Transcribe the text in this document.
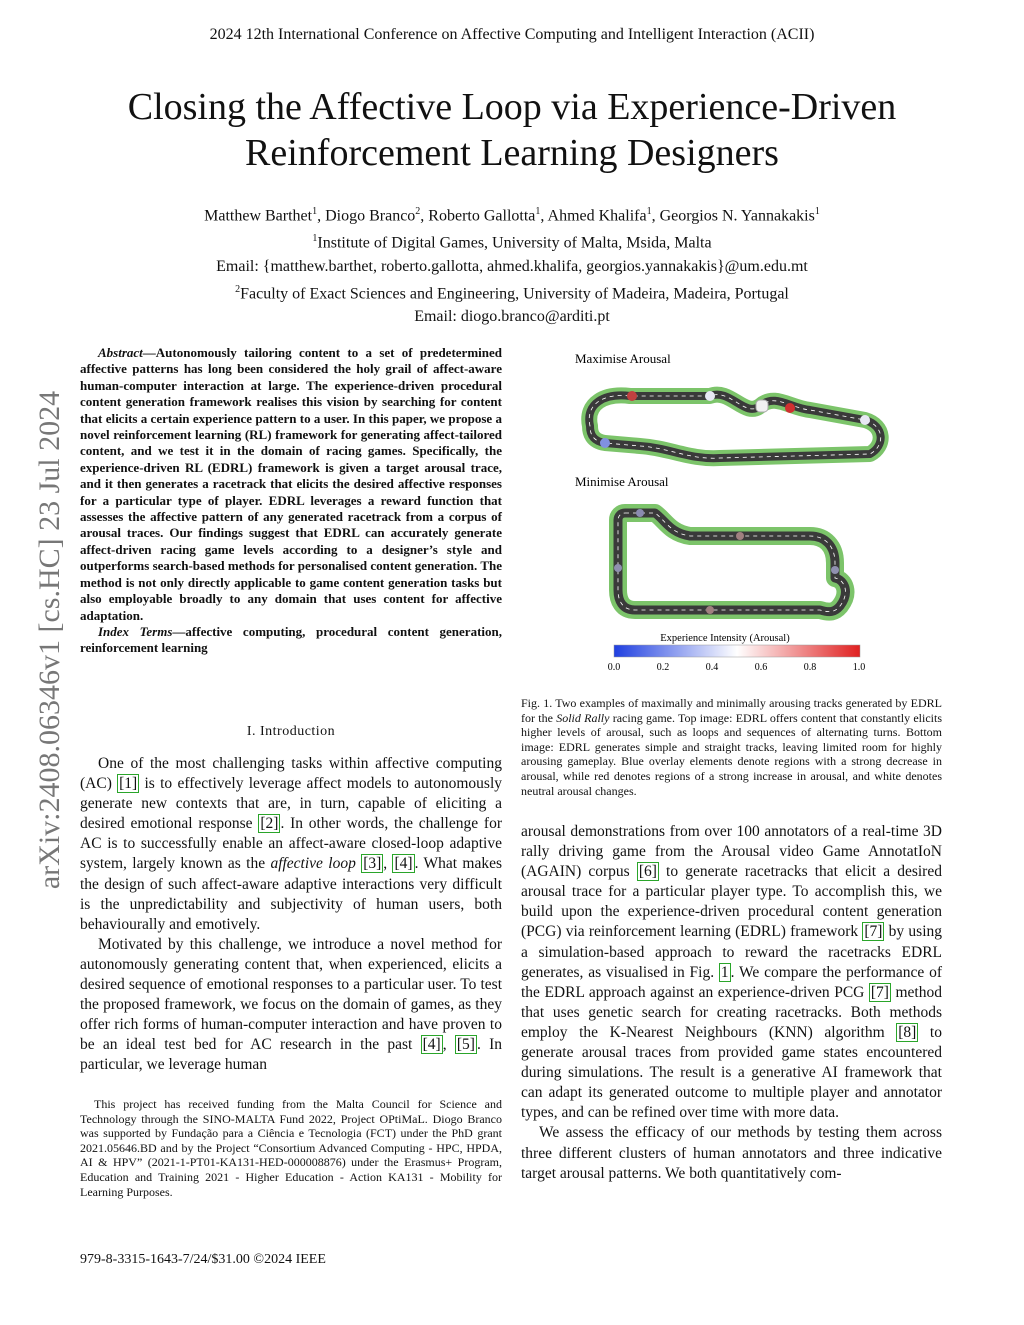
2024 12th International Conference on Affective Computing and Intelligent Interaction (ACII)
Closing the Affective Loop via Experience-Driven
Reinforcement Learning Designers
Matthew Barthet$^1$, Diogo Branco$^2$, Roberto Gallotta$^1$, Ahmed Khalifa$^1$, Georgios N. Yannakakis$^1$
$^1$Institute of Digital Games, University of Malta, Msida, Malta
Email: {matthew.barthet, roberto.gallotta, ahmed.khalifa, georgios.yannakakis}@um.edu.mt
$^2$Faculty of Exact Sciences and Engineering, University of Madeira, Madeira, Portugal
Email: diogo.branco@arditi.pt
arXiv:2408.06346v1 [cs.HC] 23 Jul 2024
Abstract—Autonomously tailoring content to a set of predetermined affective patterns has long been considered the holy grail of affect-aware human-computer interaction at large. The experience-driven procedural content generation framework realises this vision by searching for content that elicits a certain experience pattern to a user. In this paper, we propose a novel reinforcement learning (RL) framework for generating affect-tailored content, and we test it in the domain of racing games. Specifically, the experience-driven RL (EDRL) framework is given a target arousal trace, and it then generates a racetrack that elicits the desired affective responses for a particular type of player. EDRL leverages a reward function that assesses the affective pattern of any generated racetrack from a corpus of arousal traces. Our findings suggest that EDRL can accurately generate affect-driven racing game levels according to a designer’s style and outperforms search-based methods for personalised content generation. The method is not only directly applicable to game content generation tasks but also employable broadly to any domain that uses content for affective adaptation.
Index Terms—affective computing, procedural content generation, reinforcement learning
I. Introduction

One of the most challenging tasks within affective computing (AC) [1] is to effectively leverage affect models to autonomously generate new contexts that are, in turn, capable of eliciting a desired emotional response [2] . In other words, the challenge for AC is to successfully enable an affect-aware closed-loop adaptive system, largely known as the affective loop [3] , [4] . What makes the design of such affect-aware adaptive interactions very difficult is the unpredictability and subjectivity of human users, both behaviourally and emotively.

Motivated by this challenge, we introduce a novel method for autonomously generating content that, when experienced, elicits a desired sequence of emotional responses to a particular user. To test the proposed framework, we focus on the domain of games, as they offer rich forms of human-computer interaction and have proven to be an ideal test bed for AC research in the past [4] , [5] . In particular, we leverage human

This project has received funding from the Malta Council for Science and Technology through the SINO-MALTA Fund 2022, Project OPtiMaL. Diogo Branco was supported by Fundação para a Ciência e Tecnologia (FCT) under the PhD grant 2021.05646.BD and by the Project “Consortium Advanced Computing - HPC, HPDA, AI & HPV” (2021-1-PT01-KA131-HED-000008876) under the Erasmus+ Program, Education and Training 2021 - Higher Education - Action KA131 - Mobility for Learning Purposes.
979-8-3315-1643-7/24/$31.00 ©2024 IEEE
Maximise Arousal
Minimise Arousal
Experience Intensity (Arousal)
0.0	0.2	0.4	0.6	0.8	1.0
Fig. 1. Two examples of maximally and minimally arousing tracks generated by EDRL for the Solid Rally racing game. Top image: EDRL offers content that constantly elicits higher levels of arousal, such as loops and sequences of alternating turns. Bottom image: EDRL generates simple and straight tracks, leaving limited room for highly arousing gameplay. Blue overlay elements denote regions with a strong decrease in arousal, while red denotes regions of a strong increase in arousal, and white denotes neutral arousal changes.

arousal demonstrations from over 100 annotators of a real-time 3D rally driving game from the Arousal video Game AnnotatIoN (AGAIN) corpus [6] to generate racetracks that elicit a desired arousal trace for a particular player type. To accomplish this, we build upon the experience-driven procedural content generation (PCG) via reinforcement learning (EDRL) framework [7] by using a simulation-based approach to reward the racetracks EDRL generates, as visualised in Fig. 1 . We compare the performance of the EDRL approach against an experience-driven PCG [7] method that uses genetic search for creating racetracks. Both methods employ the K-Nearest Neighbours (KNN) algorithm [8] to generate arousal traces from provided game states encountered during simulations. The result is a generative AI framework that can adapt its generated outcome to multiple player and annotator types, and can be refined over time with more data.

We assess the efficacy of our methods by testing them across three different clusters of human annotators and three indicative target arousal patterns. We both quantitatively com-
